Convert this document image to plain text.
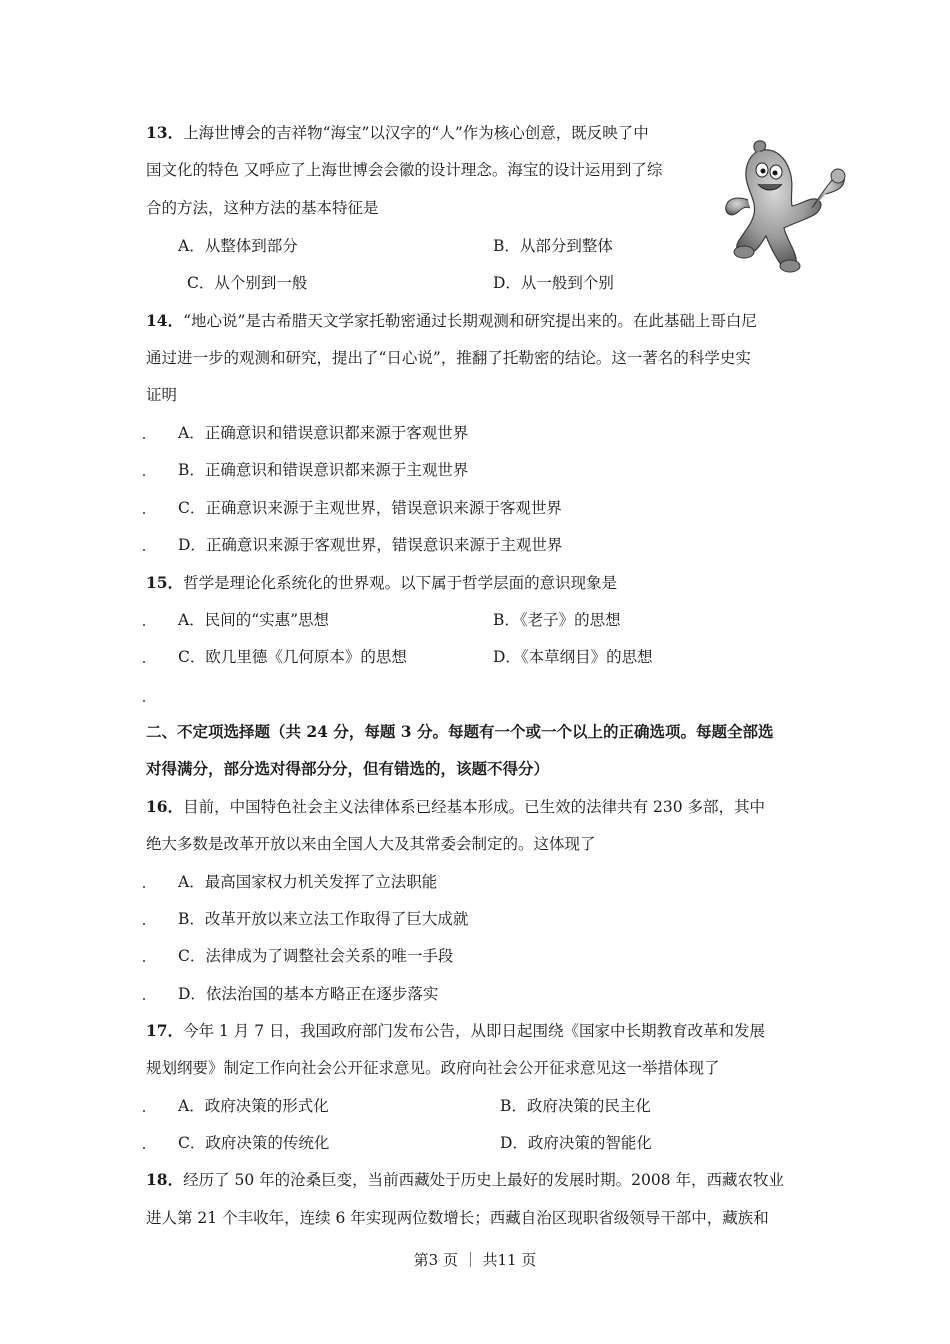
13．上海世博会的吉祥物“海宝”以汉字的“人”作为核心创意，既反映了中
国文化的特色 又呼应了上海世博会会徽的设计理念。海宝的设计运用到了综
合的方法，这种方法的基本特征是
A．从整体到部分	B．从部分到整体
C．从个别到一般	D．从一般到个别
14．“地心说”是古希腊天文学家托勒密通过长期观测和研究提出来的。在此基础上哥白尼
通过进一步的观测和研究，提出了“日心说”，推翻了托勒密的结论。这一著名的科学史实
证明
A．正确意识和错误意识都来源于客观世界
B．正确意识和错误意识都来源于主观世界
C．正确意识来源于主观世界，错误意识来源于客观世界
D．正确意识来源于客观世界，错误意识来源于主观世界
15．哲学是理论化系统化的世界观。以下属于哲学层面的意识现象是
A．民间的“实惠”思想	B．《老子》的思想
C．欧几里德《几何原本》的思想	D．《本草纲目》的思想
二、不定项选择题（共 24 分，每题 3 分。每题有一个或一个以上的正确选项。每题全部选
对得满分，部分选对得部分分，但有错选的，该题不得分）
16．目前，中国特色社会主义法律体系已经基本形成。已生效的法律共有 230 多部，其中
绝大多数是改革开放以来由全国人大及其常委会制定的。这体现了
A．最高国家权力机关发挥了立法职能
B．改革开放以来立法工作取得了巨大成就
C．法律成为了调整社会关系的唯一手段
D．依法治国的基本方略正在逐步落实
17．今年 1 月 7 日，我国政府部门发布公告，从即日起围绕《国家中长期教育改革和发展
规划纲要》制定工作向社会公开征求意见。政府向社会公开征求意见这一举措体现了
A．政府决策的形式化	B．政府决策的民主化
C．政府决策的传统化	D．政府决策的智能化
18．经历了 50 年的沧桑巨变，当前西藏处于历史上最好的发展时期。2008 年，西藏农牧业
进人第 21 个丰收年，连续 6 年实现两位数增长；西藏自治区现职省级领导干部中，藏族和
第3 页 ｜ 共11 页
